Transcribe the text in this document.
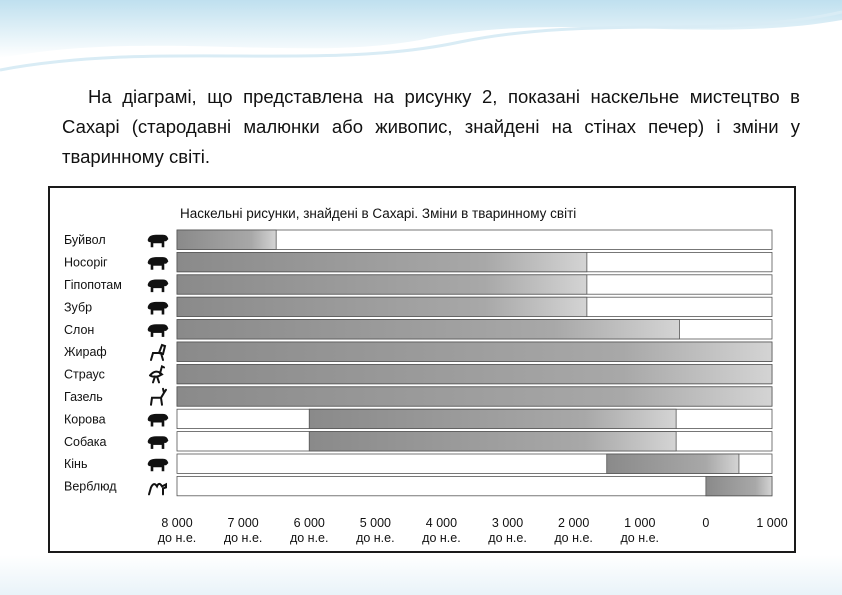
На діаграмі, що представлена на рисунку 2, показані наскельне мистецтво в Сахарі (стародавні малюнки або живопис, знайдені на стінах печер) і зміни у тваринному світі.

Наскельні рисунки, знайдені в Сахарі. Зміни в тваринному світі
Буйвол
Носоріг
Гіпопотам
Зубр
Слон
Жираф
Страус
Газель
Корова
Собака
Кінь
Верблюд
8 000
до н.е.
7 000
до н.е.
6 000
до н.е.
5 000
до н.е.
4 000
до н.е.
3 000
до н.е.
2 000
до н.е.
1 000
до н.е.
0	1 000
